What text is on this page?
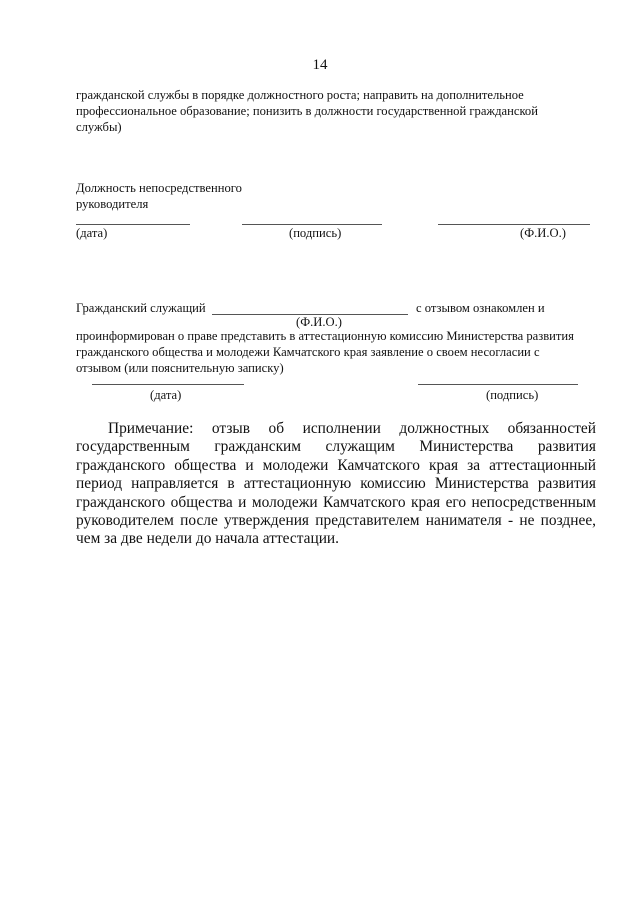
14
гражданской службы в порядке должностного роста; направить на дополнительное
профессиональное образование; понизить в должности государственной гражданской
службы)
Должность непосредственного
руководителя
(дата)	(подпись)	(Ф.И.О.)
Гражданский служащий	с отзывом ознакомлен и
(Ф.И.О.)
проинформирован о праве представить в аттестационную комиссию Министерства развития
гражданского общества и молодежи Камчатского края заявление о своем несогласии с
отзывом (или пояснительную записку)
(дата)	(подпись)
Примечание: отзыв об исполнении должностных обязанностей государственным гражданским служащим Министерства развития гражданского общества и молодежи Камчатского края за аттестационный период направляется в аттестационную комиссию Министерства развития гражданского общества и молодежи Камчатского края его непосредственным руководителем после утверждения представителем нанимателя - не позднее, чем за две недели до начала аттестации.
